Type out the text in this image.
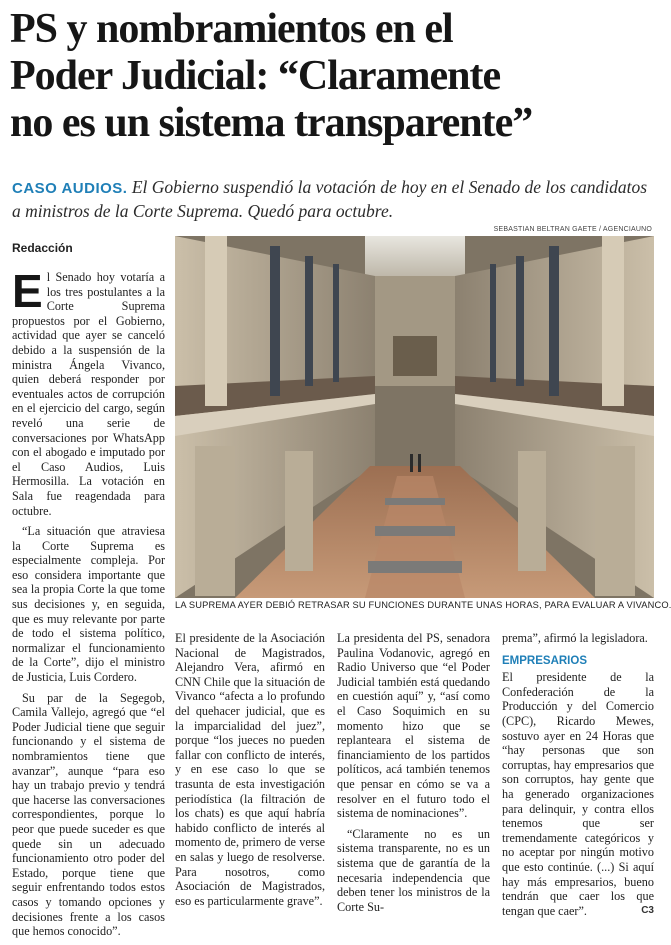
PS y nombramientos en el
Poder Judicial: “Claramente
no es un sistema transparente”
CASO AUDIOS. El Gobierno suspendió la votación de hoy en el Senado de los candidatos a ministros de la Corte Suprema. Quedó para octubre.
SEBASTIAN BELTRAN GAETE / AGENCIAUNO
Redacción
LA SUPREMA AYER DEBIÓ RETRASAR SU FUNCIONES DURANTE UNAS HORAS, PARA EVALUAR A VIVANCO.

El Senado hoy votaría a los tres postulantes a la Corte Suprema propuestos por el Gobierno, actividad que ayer se canceló debido a la suspensión de la ministra Ángela Vivanco, quien deberá responder por eventuales actos de corrupción en el ejercicio del cargo, según reveló una serie de conversaciones por WhatsApp con el abogado e imputado por el Caso Audios, Luis Hermosilla. La votación en Sala fue reagendada para octubre.

“La situación que atraviesa la Corte Suprema es especialmente compleja. Por eso considera importante que sea la propia Corte la que tome sus decisiones y, en seguida, que es muy relevante por parte de todo el sistema político, normalizar el funcionamiento de la Corte”, dijo el ministro de Justicia, Luis Cordero.

Su par de la Segegob, Camila Vallejo, agregó que “el Poder Judicial tiene que seguir funcionando y el sistema de nombramientos tiene que avanzar”, aunque “para eso hay un trabajo previo y tendrá que hacerse las conversaciones correspondientes, porque lo peor que puede suceder es que quede sin un adecuado funcionamiento otro poder del Estado, porque tiene que seguir enfrentando todos estos casos y tomando opciones y decisiones frente a los casos que hemos conocido”.

El presidente de la Asociación Nacional de Magistrados, Alejandro Vera, afirmó en CNN Chile que la situación de Vivanco “afecta a lo profundo del quehacer judicial, que es la imparcialidad del juez”, porque “los jueces no pueden fallar con conflicto de interés, y en ese caso lo que se trasunta de esta investigación periodística (la filtración de los chats) es que aquí habría habido conflicto de interés al momento de, primero de verse en salas y luego de resolverse. Para nosotros, como Asociación de Magistrados, eso es particularmente grave”.

La presidenta del PS, senadora Paulina Vodanovic, agregó en Radio Universo que “el Poder Judicial también está quedando en cuestión aquí” y, “así como el Caso Soquimich en su momento hizo que se replanteara el sistema de financiamiento de los partidos políticos, acá también tenemos que pensar en cómo se va a resolver en el futuro todo el sistema de nominaciones”.

“Claramente no es un sistema transparente, no es un sistema que de garantía de la necesaria independencia que deben tener los ministros de la Corte Su-

prema”, afirmó la legisladora.

EMPRESARIOS

El presidente de la Confederación de la Producción y del Comercio (CPC), Ricardo Mewes, sostuvo ayer en 24 Horas que “hay personas que son corruptas, hay empresarios que son corruptos, hay gente que ha generado organizaciones para delinquir, y contra ellos tenemos que ser tremendamente categóricos y no aceptar por ningún motivo que esto continúe. (...) Si aquí hay más empresarios, bueno tendrán que caer los que tengan que caer”.	C3
